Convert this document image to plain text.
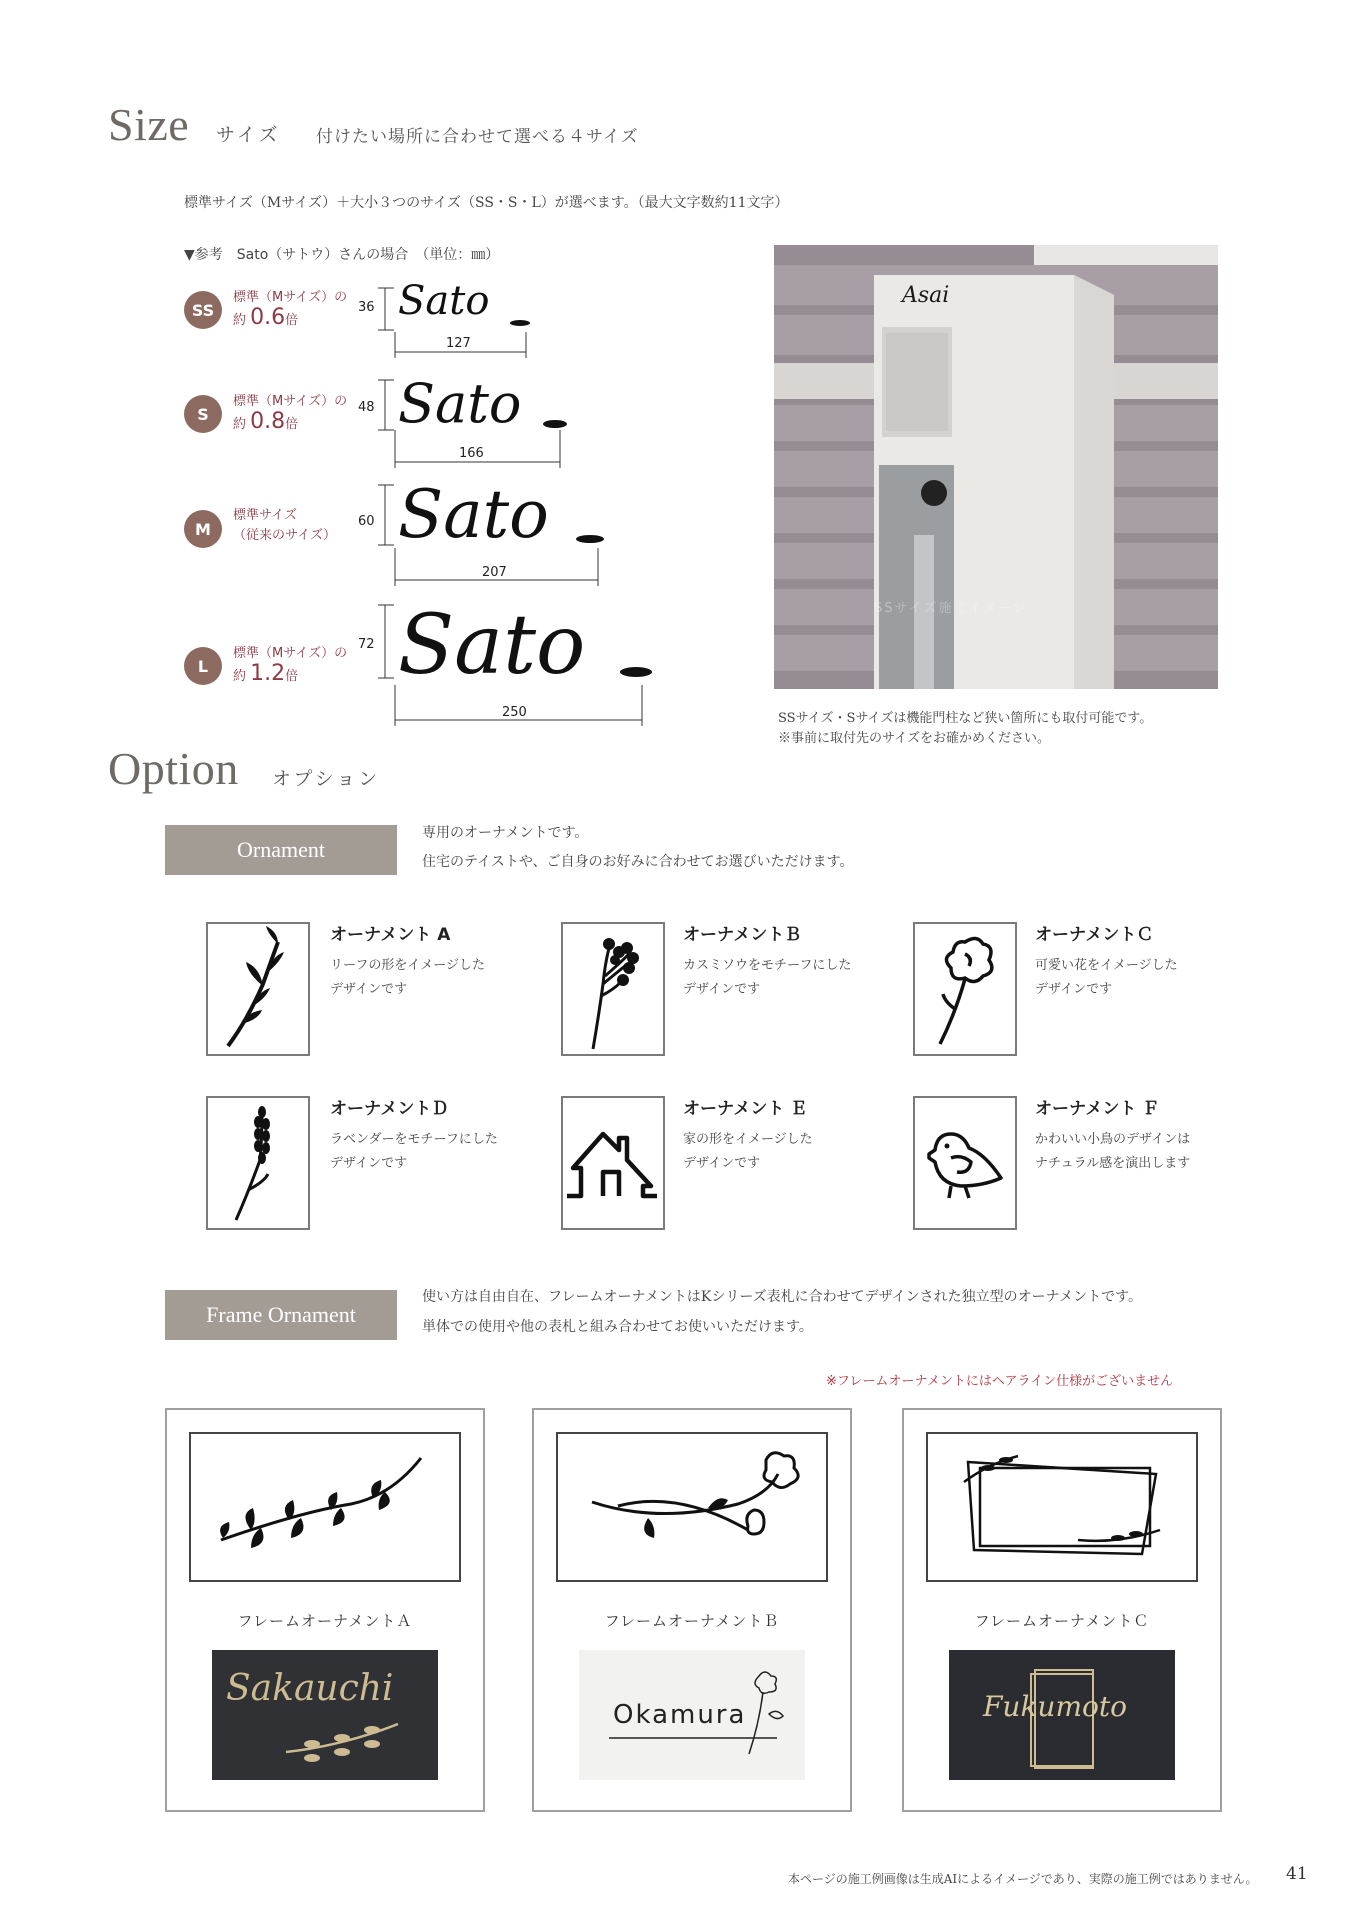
Size サイズ 付けたい場所に合わせて選べる４サイズ
標準サイズ（Mサイズ）＋大小３つのサイズ（SS・S・L）が選べます。（最大文字数約11文字）
▼参考　Sato（サトウ）さんの場合　（単位：㎜）
SS
標準（Mサイズ）の
約 0.6倍
36
127
Sato
S
標準（Mサイズ）の
約 0.8倍
48
166
Sato
M
標準サイズ
（従来のサイズ）
60
207
Sato
L
標準（Mサイズ）の
約 1.2倍
72
250
Sato
Asai
SSサイズ施工イメージ
SSサイズ・Sサイズは機能門柱など狭い箇所にも取付可能です。
※事前に取付先のサイズをお確かめください。
Option オプション
Ornament
専用のオーナメントです。
住宅のテイストや、ご自身のお好みに合わせてお選びいただけます。
オーナメント A
リーフの形をイメージした
デザインです
オーナメントＢ
カスミソウをモチーフにした
デザインです
オーナメントＣ
可愛い花をイメージした
デザインです
オーナメントＤ
ラベンダーをモチーフにした
デザインです
オーナメント Ｅ
家の形をイメージした
デザインです
オーナメント Ｆ
かわいい小鳥のデザインは
ナチュラル感を演出します
Frame Ornament
使い方は自由自在、フレームオーナメントはKシリーズ表札に合わせてデザインされた独立型のオーナメントです。
単体での使用や他の表札と組み合わせてお使いいただけます。
※フレームオーナメントにはヘアライン仕様がございません
フレームオーナメントＡ
Sakauchi
フレームオーナメントＢ
Okamura
フレームオーナメントＣ
Fukumoto
本ページの施工例画像は生成AIによるイメージであり、実際の施工例ではありません。 41
